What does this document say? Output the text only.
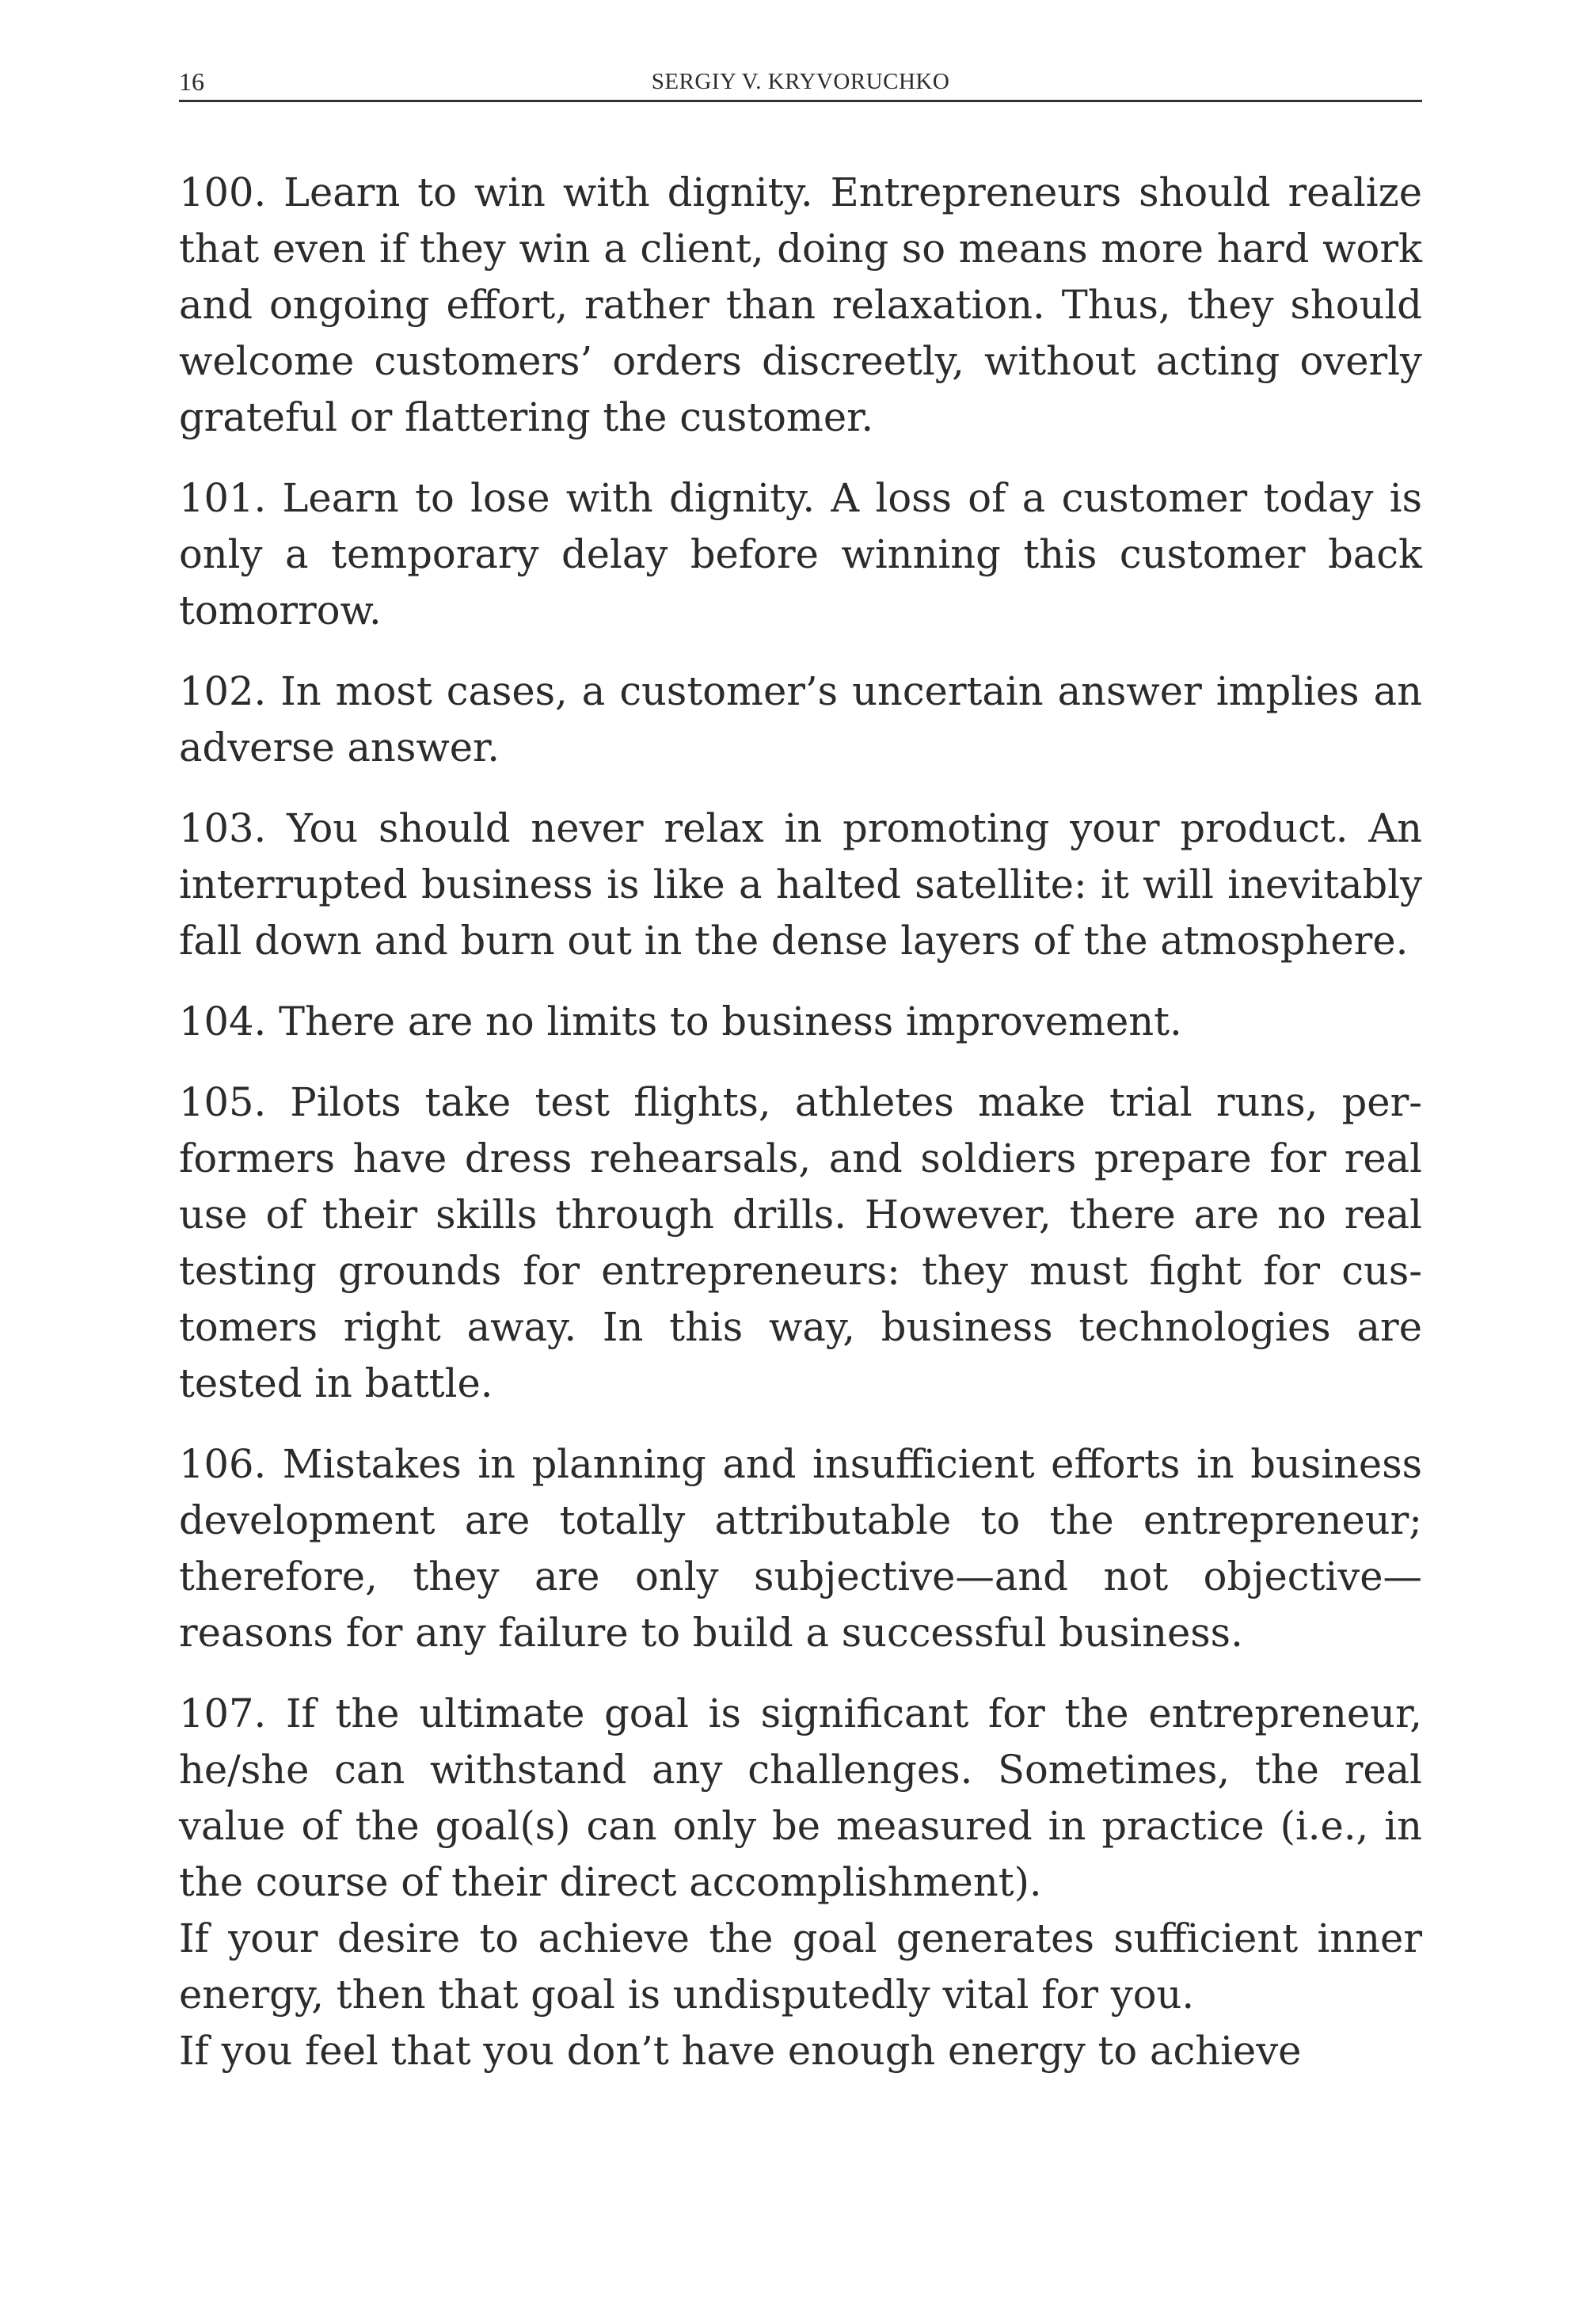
16	SERGIY V. KRYVORUCHKO

100. Learn to win with dignity. Entrepreneurs should realize that even if they win a client, doing so means more hard work and ongoing effort, rather than relaxation. Thus, they should welcome customers’ orders discreetly, without acting overly grateful or flattering the customer.

101. Learn to lose with dignity. A loss of a customer today is only a temporary delay before winning this customer back tomorrow.

102. In most cases, a customer’s uncertain answer implies an adverse answer.

103. You should never relax in promoting your product. An interrupted business is like a halted satellite: it will inevitably fall down and burn out in the dense layers of the atmosphere.

104. There are no limits to business improvement.

105. Pilots take test flights, athletes make trial runs, performers have dress rehearsals, and soldiers prepare for real use of their skills through drills. However, there are no real testing grounds for entrepreneurs: they must fight for customers right away. In this way, business technologies are tested in battle.

106. Mistakes in planning and insufficient efforts in business development are totally attributable to the entrepreneur; therefore, they are only subjective—and not objective—reasons for any failure to build a successful business.

107. If the ultimate goal is significant for the entrepreneur, he/she can withstand any challenges. Sometimes, the real value of the goal(s) can only be measured in practice (i.e., in the course of their direct accomplishment).

If your desire to achieve the goal generates sufficient inner energy, then that goal is undisputedly vital for you.

If you feel that you don’t have enough energy to achieve
